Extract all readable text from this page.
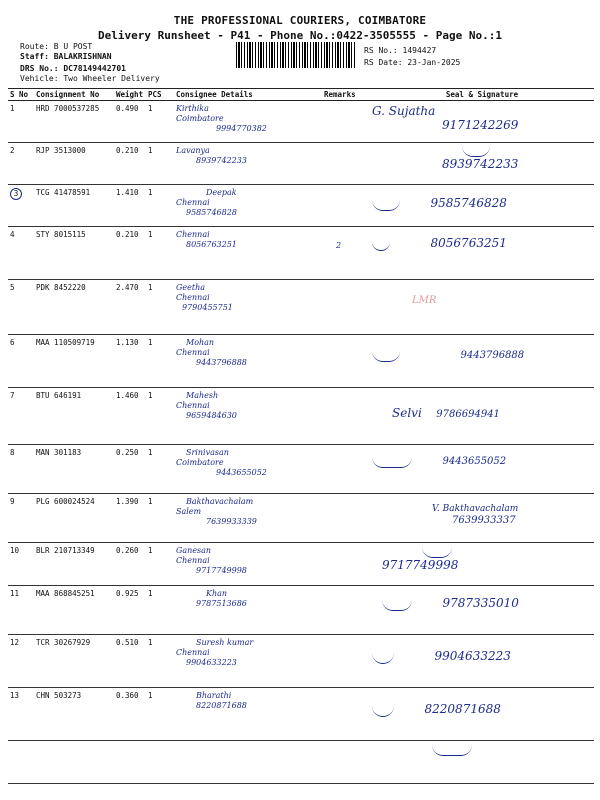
THE PROFESSIONAL COURIERS, COIMBATORE
Delivery Runsheet - P41 - Phone No.:0422-3505555 - Page No.:1
Route: B U POST
Staff: BALAKRISHNAN
DRS No.: DC78149442701
Vehicle: Two Wheeler Delivery
RS No.: 1494427
RS Date: 23-Jan-2025
S No	Consignment No	Weight	PCS	Consignee Details	Remarks	Seal & Signature
1	HRD 7000537285	0.490	1	Kirthika
Coimbatore
9994770382		G. Sujatha
9171242269

2	RJP 3513000	0.210	1	Lavanya
8939742233		8939742233

3	TCG 41478591	1.410	1	Deepak
Chennai
9585746828		9585746828
4	STY 8015115	0.210	1	Chennai
8056763251	2	8056763251
5	PDK 8452220	2.470	1	Geetha
Chennai
9790455751		LMR

6	MAA 110509719	1.130	1	Mohan
Chennai
9443796888		9443796888
7	BTU 646191	1.460	1	Mahesh
Chennai
9659484630		Selvi 9786694941
8	MAN 301183	0.250	1	Srinivasan
Coimbatore
9443655052		9443655052
9	PLG 600024524	1.390	1	Bakthavachalam
Salem
7639933339		V. Bakthavachalam
7639933337

10	BLR 210713349	0.260	1	Ganesan
Chennai
9717749998		9717749998

11	MAA 868845251	0.925	1	Khan
9787513686		9787335010
12	TCR 30267929	0.510	1	Suresh kumar
Chennai
9904633223		9904633223
13	CHN 503273	0.360	1	Bharathi
8220871688		8220871688
